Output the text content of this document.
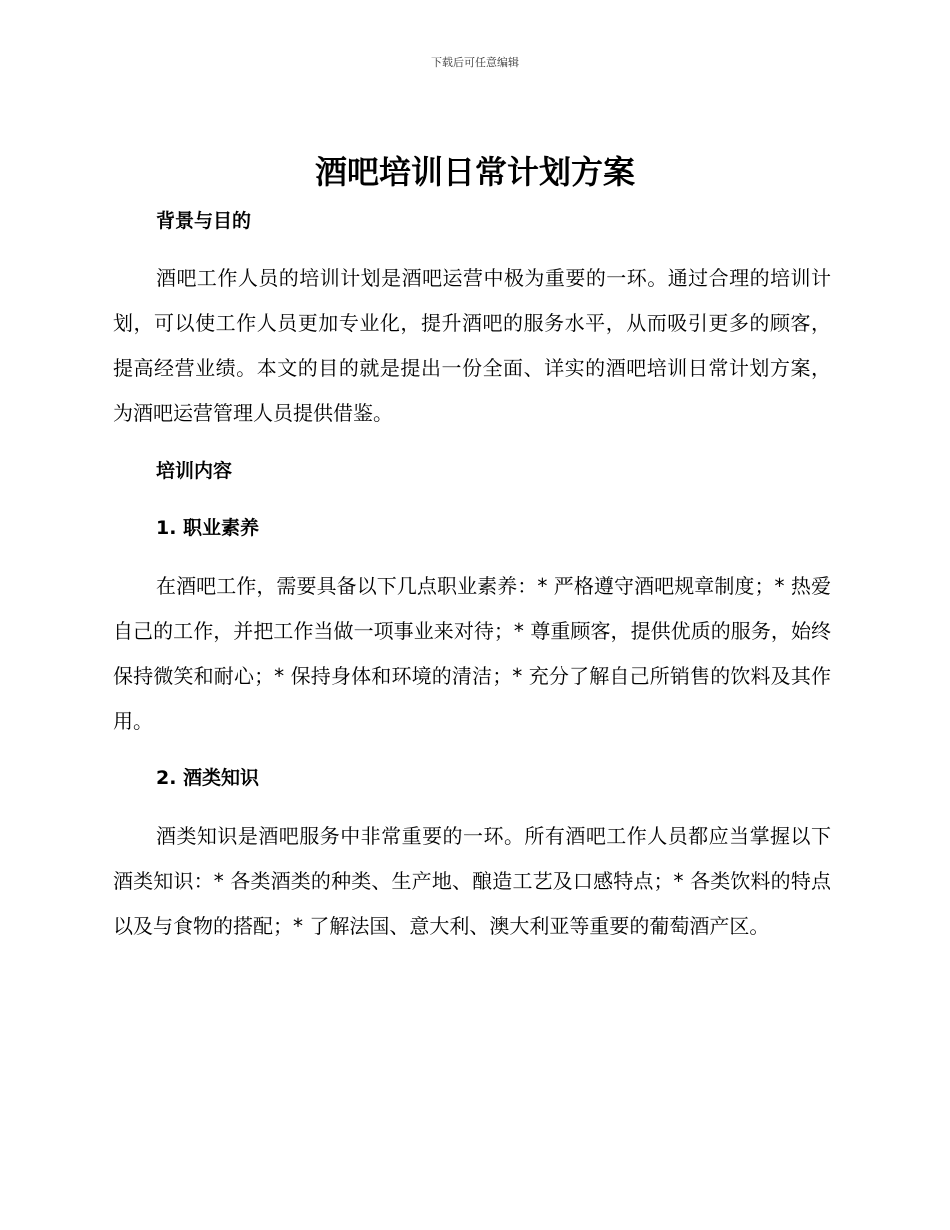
下载后可任意编辑
酒吧培训日常计划方案
背景与目的
酒吧工作人员的培训计划是酒吧运营中极为重要的一环。通过合理的培训计划，可以使工作人员更加专业化，提升酒吧的服务水平，从而吸引更多的顾客，提高经营业绩。本文的目的就是提出一份全面、详实的酒吧培训日常计划方案，为酒吧运营管理人员提供借鉴。
培训内容
1. 职业素养
在酒吧工作，需要具备以下几点职业素养：* 严格遵守酒吧规章制度；* 热爱自己的工作，并把工作当做一项事业来对待；* 尊重顾客，提供优质的服务，始终保持微笑和耐心；* 保持身体和环境的清洁；* 充分了解自己所销售的饮料及其作用。
2. 酒类知识
酒类知识是酒吧服务中非常重要的一环。所有酒吧工作人员都应当掌握以下酒类知识：* 各类酒类的种类、生产地、酿造工艺及口感特点；* 各类饮料的特点以及与食物的搭配；* 了解法国、意大利、澳大利亚等重要的葡萄酒产区。
